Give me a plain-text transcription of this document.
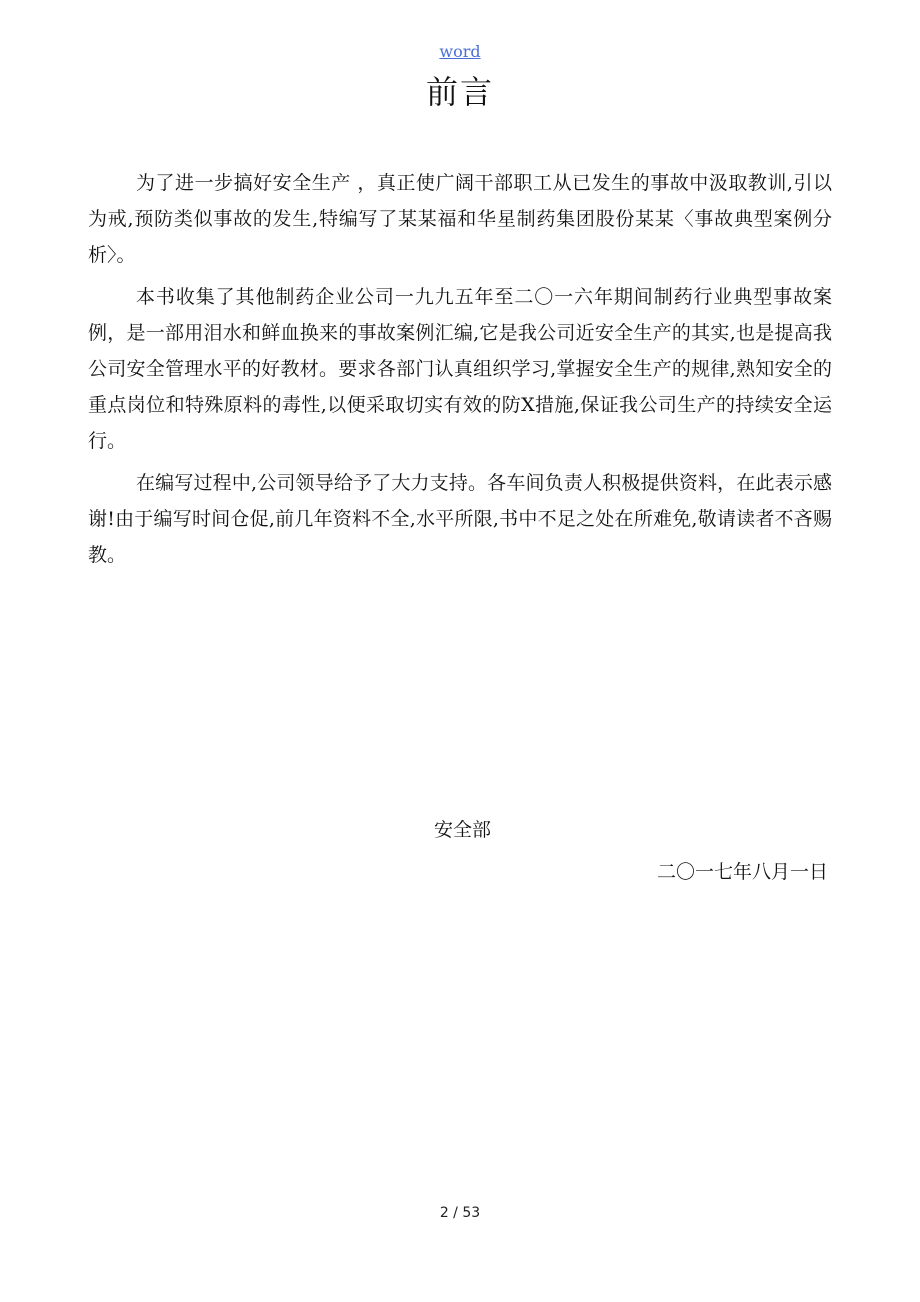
word
前言

为了进一步搞好安全生产 ，真正使广阔干部职工从已发生的事故中汲取教训,引以为戒,预防类似事故的发生,特编写了某某福和华星制药集团股份某某〈事故典型案例分析〉。

本书收集了其他制药企业公司一九九五年至二〇一六年期间制药行业典型事故案例，是一部用泪水和鲜血换来的事故案例汇编,它是我公司近安全生产的其实,也是提高我公司安全管理水平的好教材。要求各部门认真组织学习,掌握安全生产的规律,熟知安全的重点岗位和特殊原料的毒性,以便采取切实有效的防X措施,保证我公司生产的持续安全运行。

在编写过程中,公司领导给予了大力支持。各车间负责人积极提供资料，在此表示感谢!由于编写时间仓促,前几年资料不全,水平所限,书中不足之处在所难免,敬请读者不吝赐教。

安全部
二〇一七年八月一日
2 / 53
